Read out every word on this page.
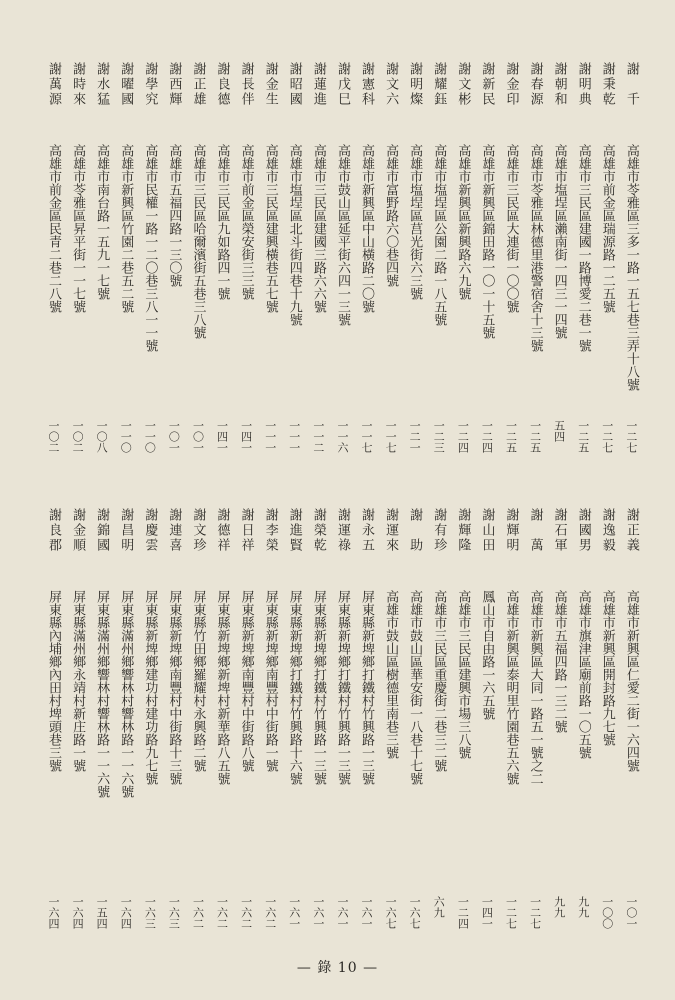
謝　千
高雄市苓雅區三多一路一五七巷三弄十八號
一二七
謝秉乾
高雄市前金區瑞源路一二五號
一二七
謝明典
高雄市三民區建國一路博愛二巷一號
一二五
謝朝和
高雄市塩埕區瀨南街一四三一四號
五四
謝春源
高雄市苓雅區林德里港警宿舍十三號
一二五
謝金印
高雄市三民區大連街一〇〇號
一二五
謝新民
高雄市新興區錦田路一〇一十五號
一二四
謝文彬
高雄市新興區新興路六九號
一二四
謝耀鈺
高雄市塩埕區公園二路一八五號
一二三
謝明燦
高雄市塩埕區莒光街六三號
一二一
謝文六
高雄市富野路六〇巷四號
一一七
謝憲科
高雄市新興區中山橫路二〇號
一一七
謝戊巳
高雄市鼓山區延平街六四一三號
一一六
謝蓮進
高雄市三民區建國三路六六號
一一二
謝昭國
高雄市塩埕區北斗街四巷十九號
一一一
謝金生
高雄市三民區建興橫巷五七號
一一一
謝長伴
高雄市前金區榮安街三三號
一四一
謝良德
高雄市三民區九如路四一號
一四一
謝正雄
高雄市三民區哈爾濱街五巷三八號
一〇一
謝西輝
高雄市五福四路一三〇號
一〇一
謝學究
高雄市民權一路一二〇巷三八一一號
一一〇
謝曜國
高雄市新興區竹園二巷五二號
一一〇
謝水猛
高雄市南台路一五九一七號
一〇八
謝時來
高雄市苓雅區昇平街一一七號
一〇二
謝萬源
高雄市前金區民青二巷二八號
一〇二
謝正義
高雄市新興區仁愛二街一六四號
一〇一
謝逸毅
高雄市新興區開封路九七號
一〇〇
謝國男
高雄市旗津區廟前路一〇五號
九九
謝石軍
高雄市五福四路一三二號
九九
謝　萬
高雄市新興區大同一路五一號之二
一二七
謝輝明
高雄市新興區泰明里竹園巷五六號
一二七
謝山田
鳳山市自由路一六五號
一四一
謝輝隆
高雄市三民區建興市場三八號
一二四
謝有珍
高雄市三民區重慶街二巷三二號
六九
謝　助
高雄市鼓山區華安街一八巷十七號
一六七
謝運來
高雄市鼓山區樹德里南巷三號
一六七
謝永五
屏東縣新埤鄉打鐵村竹興路一三號
一六一
謝運祿
屏東縣新埤鄉打鐵村竹興路一三號
一六一
謝榮乾
屏東縣新埤鄉打鐵村竹興路一三號
一六一
謝進賢
屏東縣新埤鄉打鐵村竹興路十六號
一六一
謝李榮
屏東縣新埤鄉南豐村中街路一號
一六二
謝日祥
屏東縣新埤鄉南豐村中街路八號
一六二
謝德祥
屏東縣新埤鄉新埤村新華路八五號
一六二
謝文珍
屏東縣竹田鄉羅耀村永興路二號
一六二
謝連喜
屏東縣新埤鄉南豐村中街路十三號
一六三
謝慶雲
屏東縣新埤鄉建功村建功路九七號
一六三
謝昌明
屏東縣滿州鄉響林村響林路一一六號
一六四
謝錦國
屏東縣滿州鄉響林村響林路一一六號
一五四
謝金順
屏東縣滿州鄉永靖村新庄路一號
一六四
謝良郡
屏東縣內埔鄉內田村埤頭巷三號
一六四
— 錄 10 —
